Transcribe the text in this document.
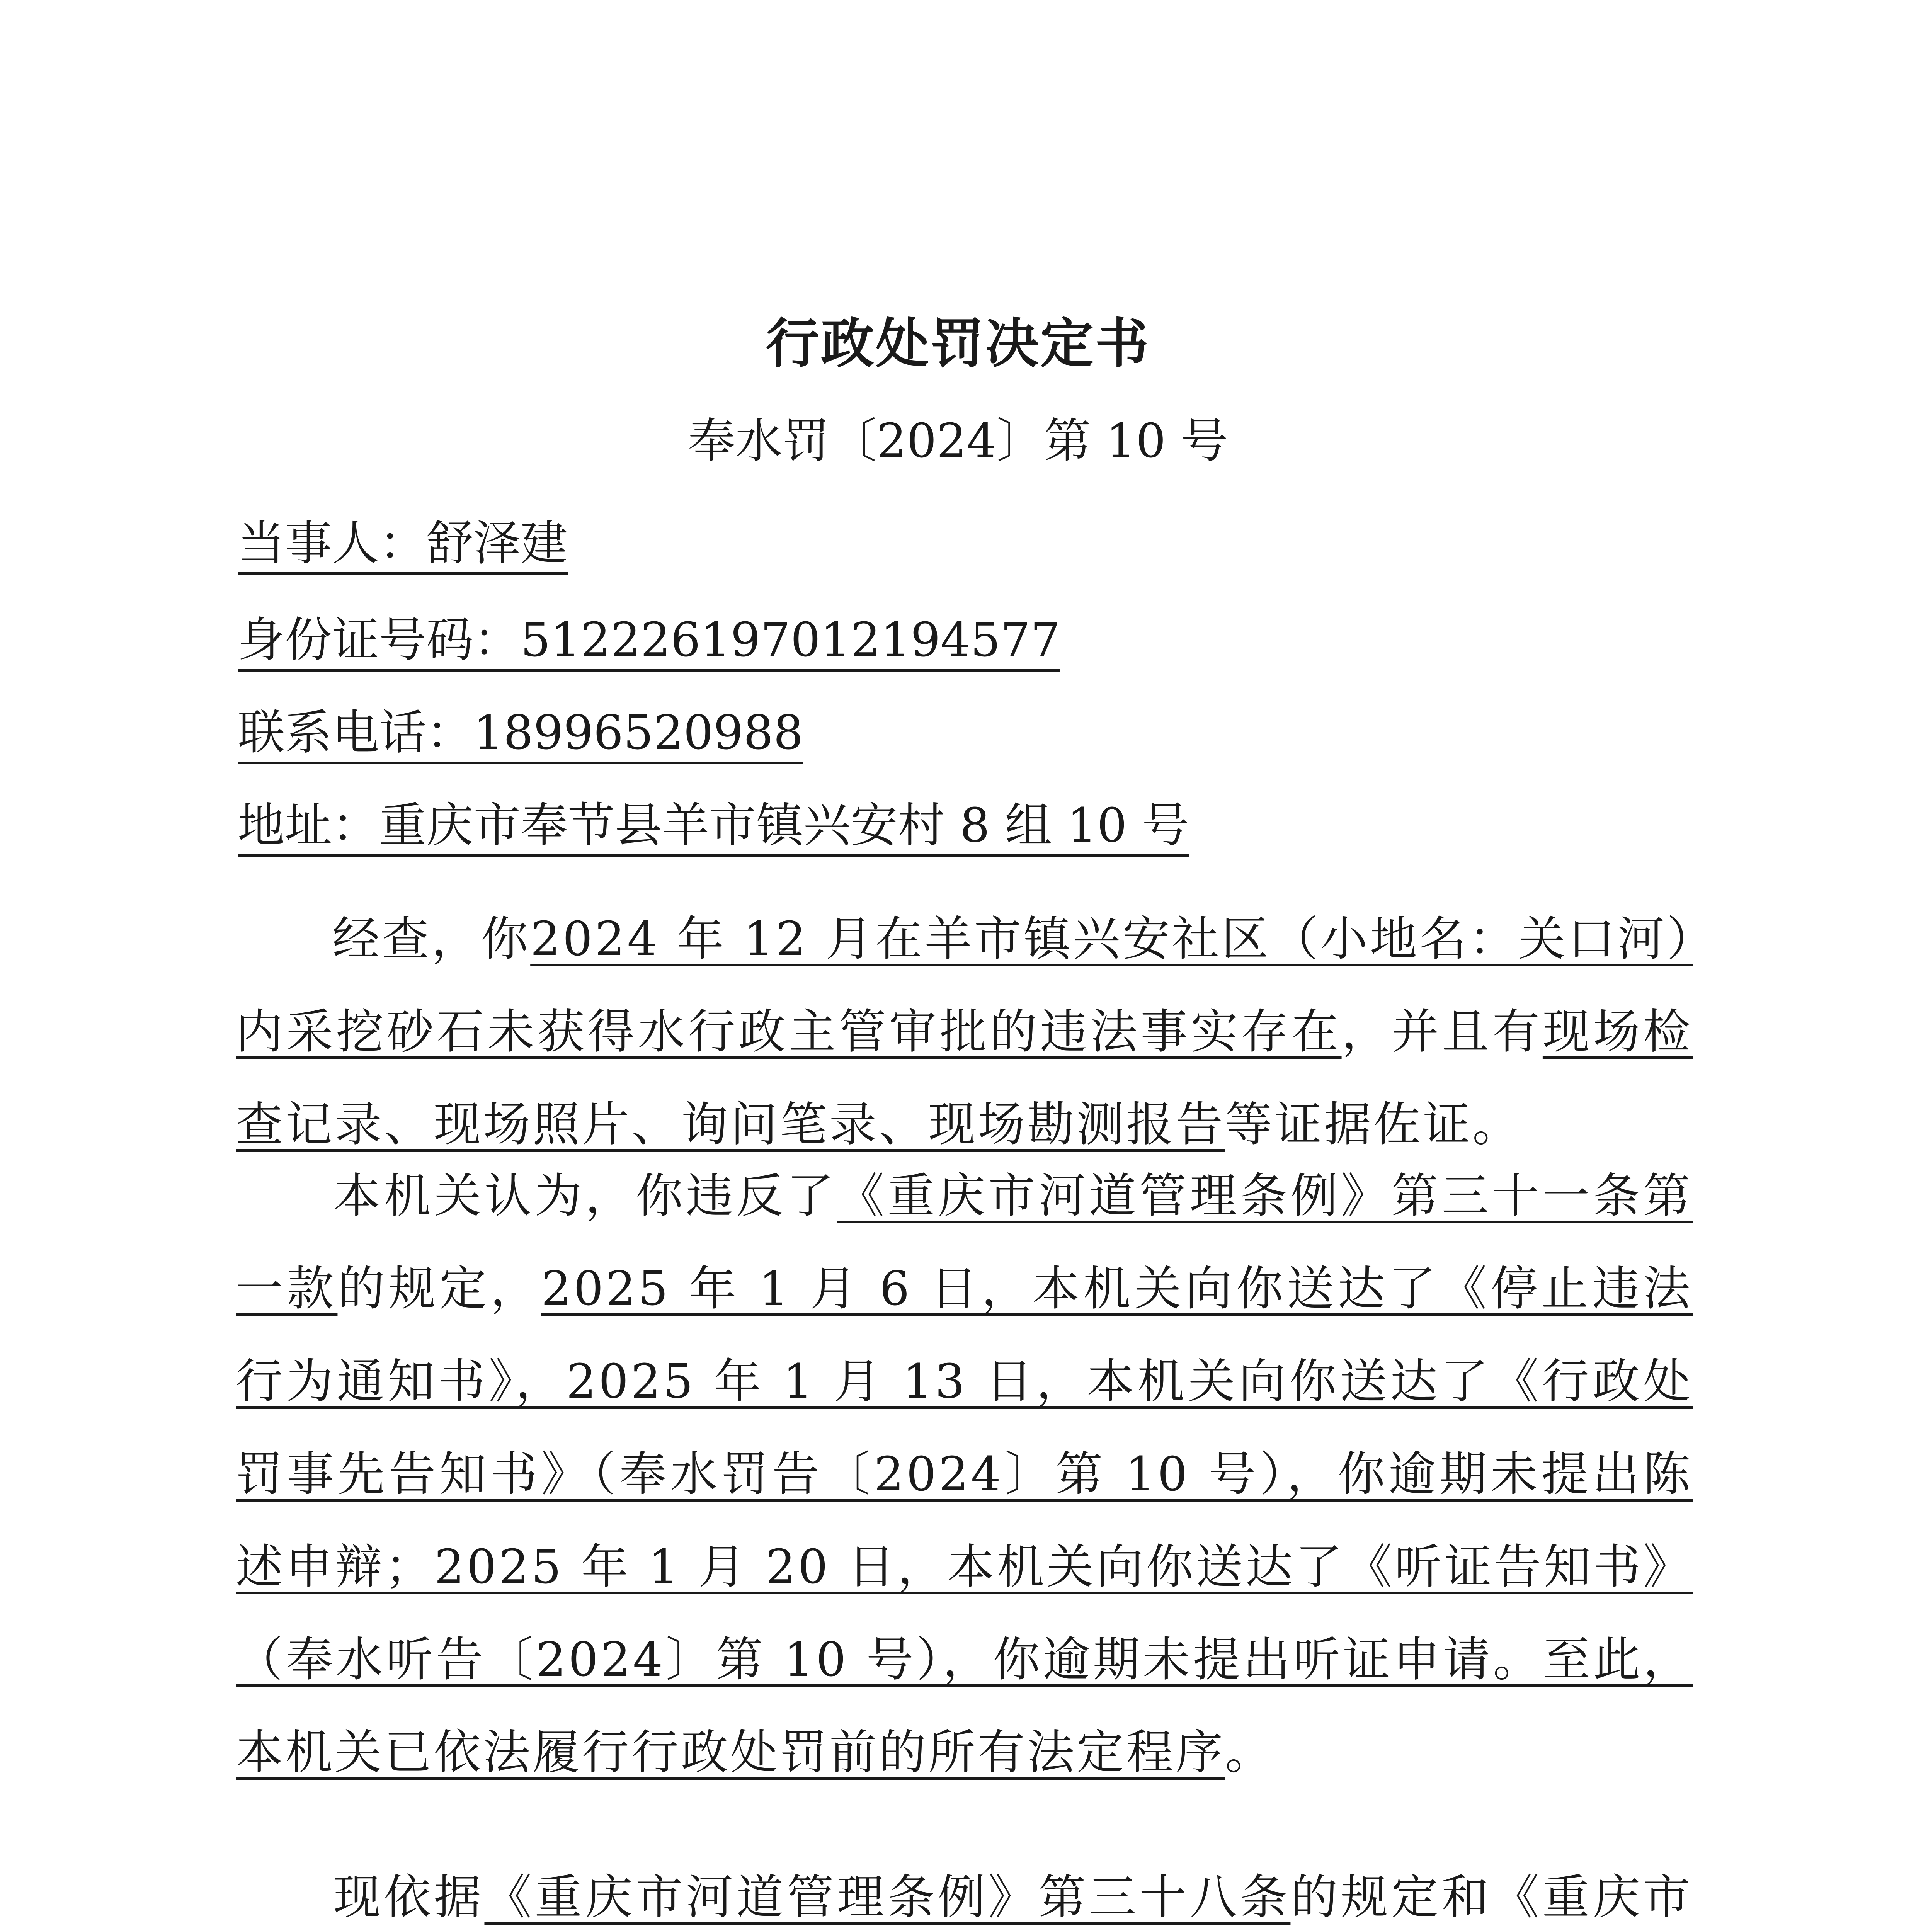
行政处罚决定书
奉水罚〔2024〕第 10 号
当事人：舒泽建
身份证号码：512226197012194577
联系电话：18996520988
地址：重庆市奉节县羊市镇兴安村 8 组 10 号
经查，你2024 年 12 月在羊市镇兴安社区（小地名：关口河）内采挖砂石未获得水行政主管审批的违法事实存在，并且有现场检查记录、现场照片、询问笔录、现场勘测报告等证据佐证。
本机关认为，你违反了《重庆市河道管理条例》第三十一条第一款的规定，2025 年 1 月 6 日，本机关向你送达了《停止违法行为通知书》，2025 年 1 月 13 日，本机关向你送达了《行政处罚事先告知书》（奉水罚告〔2024〕第 10 号），你逾期未提出陈述申辩；2025 年 1 月 20 日，本机关向你送达了《听证告知书》（奉水听告〔2024〕第 10 号），你逾期未提出听证申请。至此，本机关已依法履行行政处罚前的所有法定程序。
现依据《重庆市河道管理条例》第三十八条的规定和《重庆市
